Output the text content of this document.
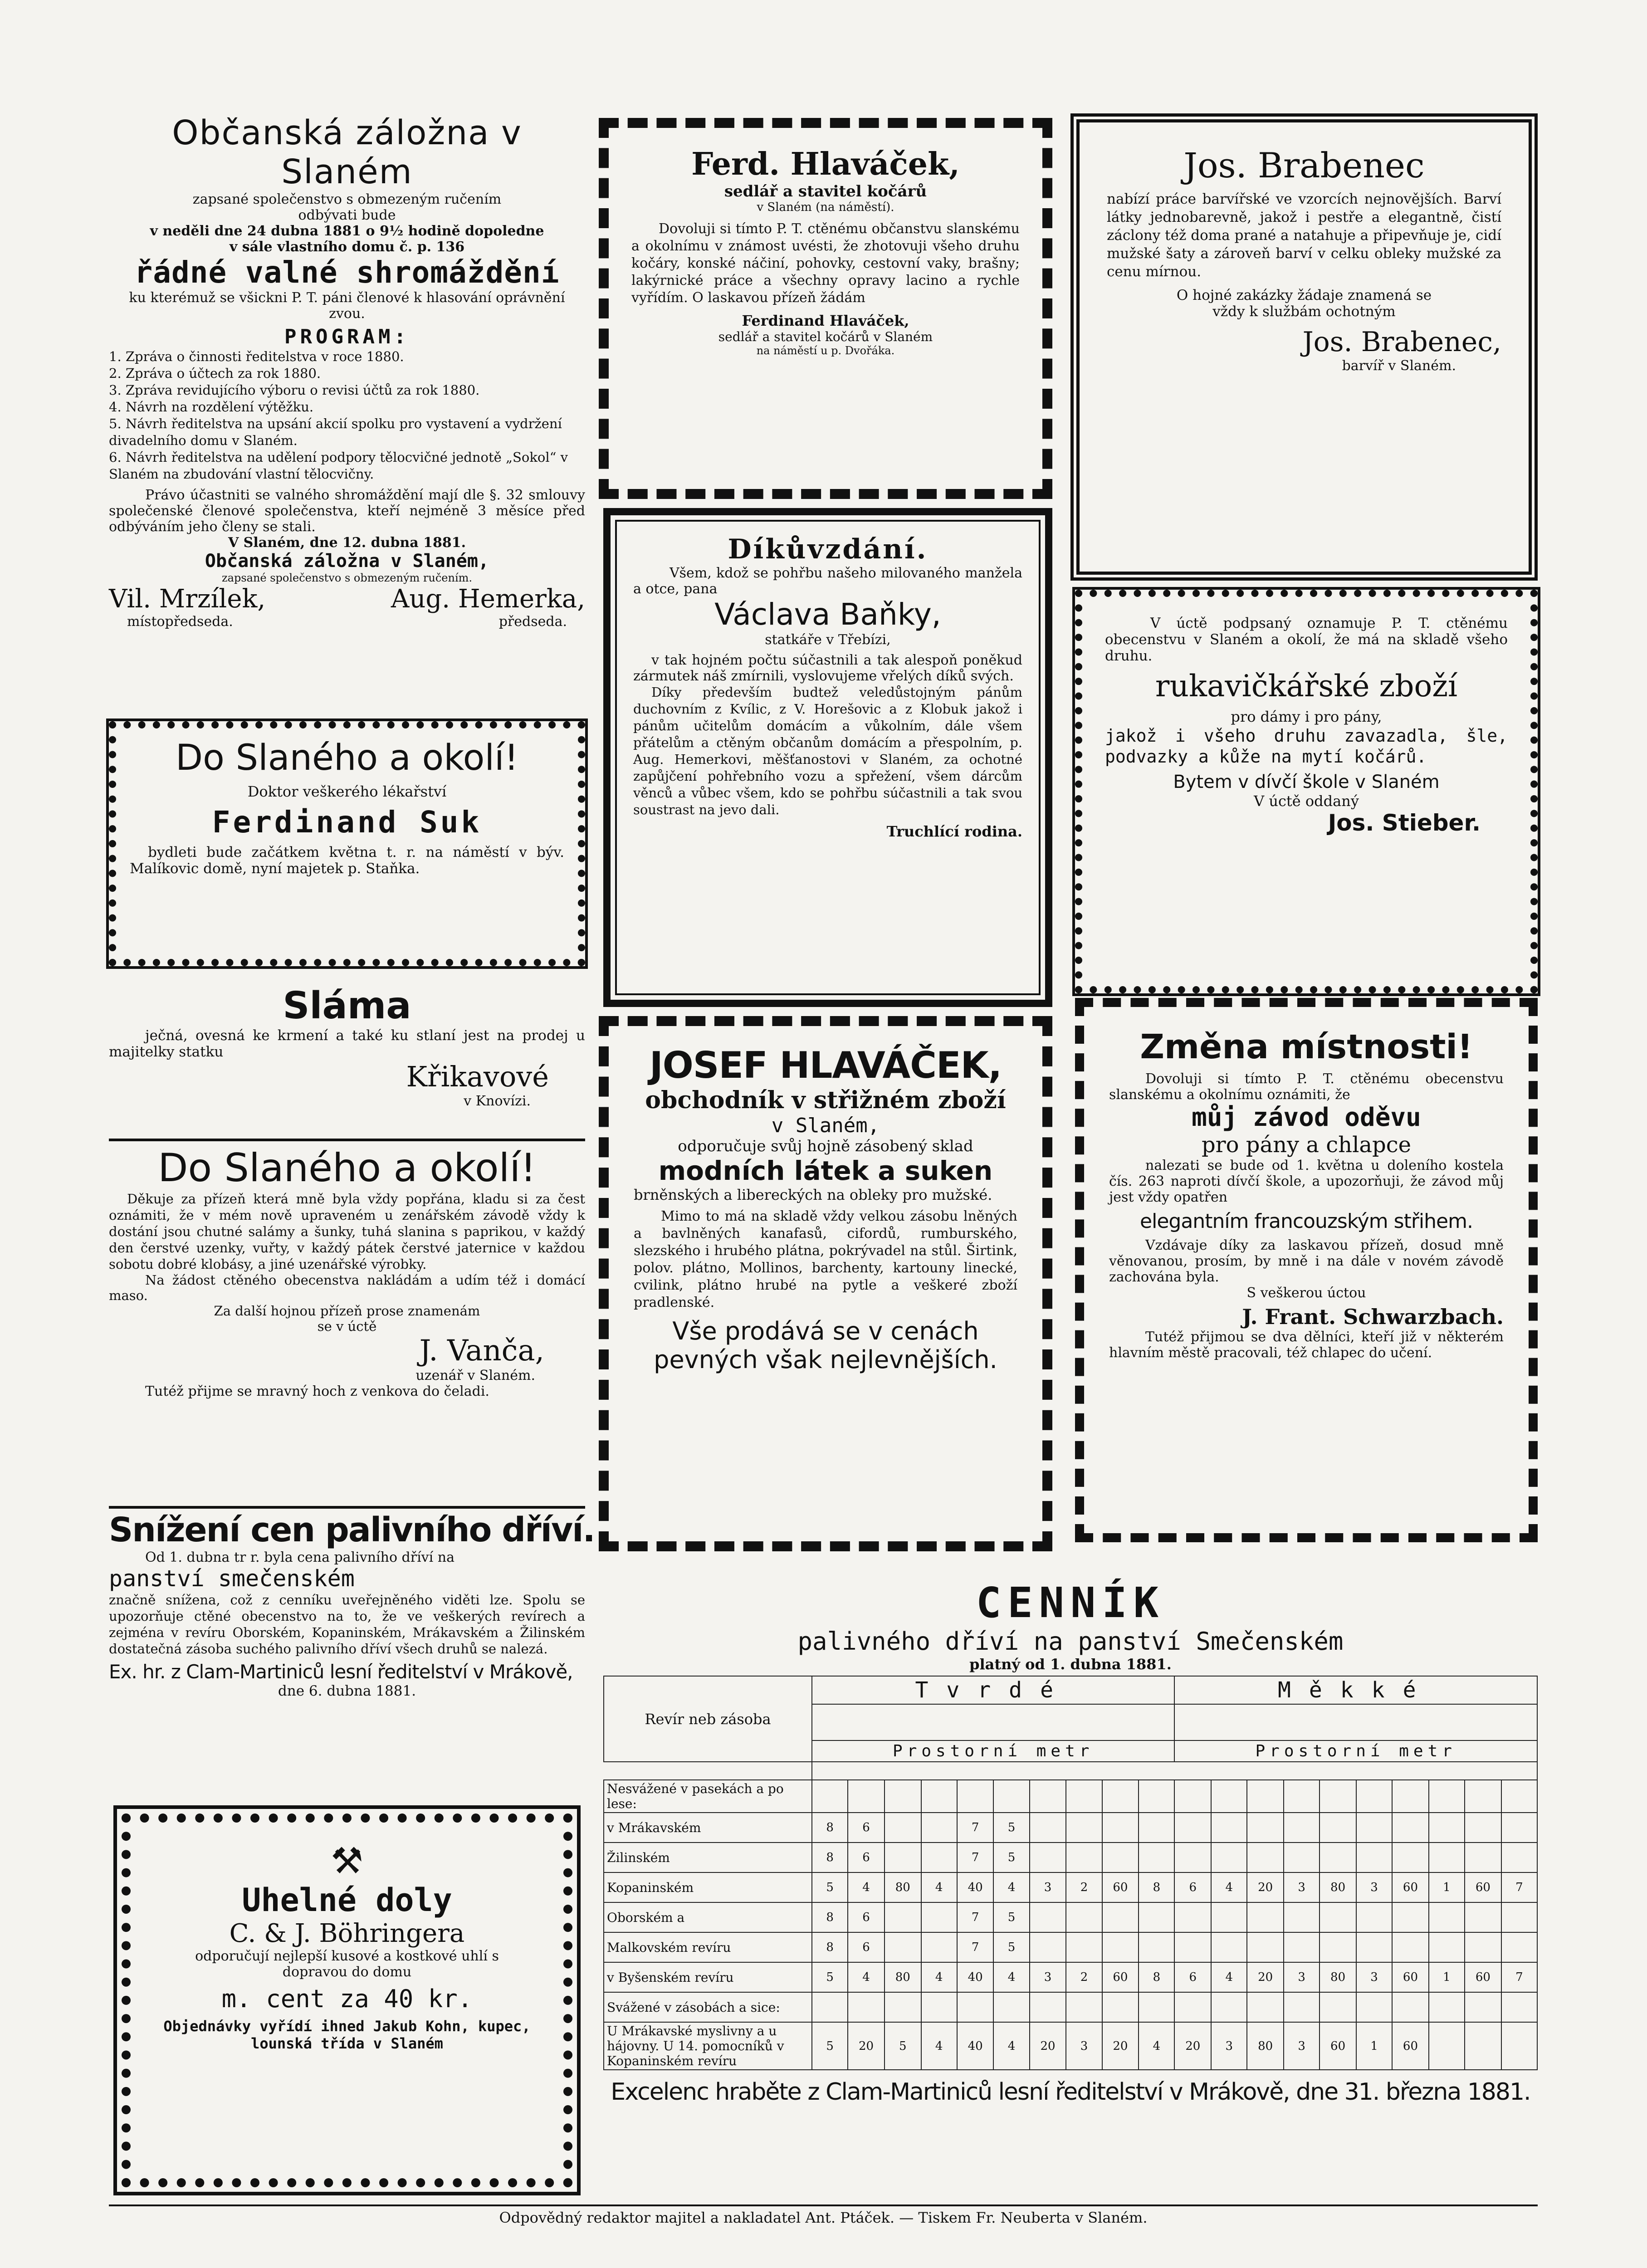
Občanská záložna v Slaném

zapsané společenstvo s obmezeným ručením

odbývati bude

v neděli dne 24 dubna 1881 o 9½ hodině dopoledne

v sále vlastního domu č. p. 136

řádné valné shromáždění

ku kterémuž se všickni P. T. páni členové k hlasování oprávnění zvou.

PROGRAM:

1. Zpráva o činnosti ředitelstva v roce 1880.

2. Zpráva o účtech za rok 1880.

3. Zpráva revidujícího výboru o revisi účtů za rok 1880.

4. Návrh na rozdělení výtěžku.

5. Návrh ředitelstva na upsání akcií spolku pro vystavení a vydržení divadelního domu v Slaném.

6. Návrh ředitelstva na udělení podpory tělocvičné jednotě „Sokol“ v Slaném na zbudování vlastní tělocvičny.

Právo účastniti se valného shromáždění mají dle §. 32 smlouvy společenské členové společenstva, kteří nejméně 3 měsíce před odbýváním jeho členy se stali.

V Slaném, dne 12. dubna 1881.

Občanská záložna v Slaném,

zapsané společenstvo s obmezeným ručením.

Vil. Mrzílek,	Aug. Hemerka,
místopředseda.	předseda.

Do Slaného a okolí!

Doktor veškerého lékařství

Ferdinand Suk

bydleti bude začátkem května t. r. na náměstí v býv. Malíkovic domě, nyní majetek p. Staňka.

Sláma

ječná, ovesná ke krmení a také ku stlaní jest na prodej u majitelky statku

Křikavové

v Knovízi.

Do Slaného a okolí!

Děkuje za přízeň která mně byla vždy popřána, kladu si za čest oznámiti, že v mém nově upraveném u zenářském závodě vždy k dostání jsou chutné salámy a šunky, tuhá slanina s paprikou, v každý den čerstvé uzenky, vuřty, v každý pátek čerstvé jaternice v každou sobotu dobré klobásy, a jiné uzenářské výrobky.

Na žádost ctěného obecenstva nakládám a udím též i domácí maso.

Za další hojnou přízeň prose znamenám se v úctě

J. Vanča,

uzenář v Slaném.

Tutéž přijme se mravný hoch z venkova do čeladi.

Snížení cen palivního dříví.

Od 1. dubna tr r. byla cena palivního dříví na

panství smečenském

značně snížena, což z cenníku uveřejněného viděti lze. Spolu se upozorňuje ctěné obecenstvo na to, že ve veškerých revírech a zejména v revíru Oborském, Kopaninském, Mrákavském a Žilinském dostatečná zásoba suchého palivního dříví všech druhů se nalezá.

Ex. hr. z Clam-Martiniců lesní ředitelství v Mrákově,

dne 6. dubna 1881.

⚒

Uhelné doly

C. & J. Böhringera

odporučují nejlepší kusové a kostkové uhlí s dopravou do domu

m. cent za 40 kr.

Objednávky vyřídí ihned Jakub Kohn, kupec, lounská třída v Slaném

Ferd. Hlaváček,

sedlář a stavitel kočárů

v Slaném (na náměstí).

Dovoluji si tímto P. T. ctěnému občanstvu slanskému a okolnímu v známost uvésti, že zhotovuji všeho druhu kočáry, konské náčiní, pohovky, cestovní vaky, brašny; lakýrnické práce a všechny opravy lacino a rychle vyřídím. O laskavou přízeň žádám

Ferdinand Hlaváček,

sedlář a stavitel kočárů v Slaném

na náměstí u p. Dvořáka.

Díkůvzdání.

Všem, kdož se pohřbu našeho milovaného manžela a otce, pana

Václava Baňky,

statkáře v Třebízi,

v tak hojném počtu súčastnili a tak alespoň poněkud zármutek náš zmírnili, vyslovujeme vřelých díků svých.

Díky především budtež veledůstojným pánům duchovním z Kvílic, z V. Horešovic a z Klobuk jakož i pánům učitelům domácím a vůkolním, dále všem přátelům a ctěným občanům domácím a přespolním, p. Aug. Hemerkovi, měšťanostovi v Slaném, za ochotné zapůjčení pohřebního vozu a spřežení, všem dárcům věnců a vůbec všem, kdo se pohřbu súčastnili a tak svou soustrast na jevo dali.

Truchlící rodina.

JOSEF HLAVÁČEK,

obchodník v střižném zboží

v Slaném,

odporučuje svůj hojně zásobený sklad

modních látek a suken

brněnských a libereckých na obleky pro mužské.

Mimo to má na skladě vždy velkou zásobu lněných a bavlněných kanafasů, cifordů, rumburského, slezského i hrubého plátna, pokrývadel na stůl. Širtink, polov. plátno, Mollinos, barchenty, kartouny linecké, cvilink, plátno hrubé na pytle a veškeré zboží pradlenské.

Vše prodává se v cenách pevných však nejlevnějších.

Jos. Brabenec

nabízí práce barvířské ve vzorcích nejnovějších. Barví látky jednobarevně, jakož i pestře a elegantně, čistí záclony též doma prané a natahuje a připevňuje je, cidí mužské šaty a zároveň barví v celku obleky mužské za cenu mírnou.

O hojné zakázky žádaje znamená se vždy k službám ochotným

Jos. Brabenec,

barvíř v Slaném.

V úctě podpsaný oznamuje P. T. ctěnému obecenstvu v Slaném a okolí, že má na skladě všeho druhu.

rukavičkářské zboží

pro dámy i pro pány,

jakož i všeho druhu zavazadla, šle, podvazky a kůže na mytí kočárů.

Bytem v dívčí škole v Slaném

V úctě oddaný

Jos. Stieber.

Změna místnosti!

Dovoluji si tímto P. T. ctěnému obecenstvu slanskému a okolnímu oznámiti, že

můj závod oděvu

pro pány a chlapce

nalezati se bude od 1. května u doleního kostela čís. 263 naproti dívčí škole, a upozorňuji, že závod můj jest vždy opatřen

elegantním francouzským střihem.

Vzdávaje díky za laskavou přízeň, dosud mně věnovanou, prosím, by mně i na dále v novém závodě zachována byla.

S veškerou úctou

J. Frant. Schwarzbach.

Tutéž přijmou se dva dělníci, kteří již v některém hlavním městě pracovali, též chlapec do učení.

CENNÍK

palivného dříví na panství Smečenském

platný od 1. dubna 1881.

Revír neb zásoba	Tvrdé										Měkké									

	Prostorní metr										Prostorní metr									

Nesvážené v pasekách a po lese:																				
v Mrákavském	8	6			7	5														
Žilinském	8	6			7	5														
Kopaninském	5	4	80	4	40	4	3	2	60	8	6	4	20	3	80	3	60	1	60	7
Oborském a	8	6			7	5														
Malkovském revíru	8	6			7	5														
v Byšenském revíru	5	4	80	4	40	4	3	2	60	8	6	4	20	3	80	3	60	1	60	7
Svážené v zásobách a sice:																				
U Mrákavské myslivny a u hájovny. U 14. pomocníků v Kopaninském revíru	5	20	5	4	40	4	20	3	20	4	20	3	80	3	60	1	60			

Excelenc hraběte z Clam-Martiniců lesní ředitelství v Mrákově, dne 31. března 1881.

Odpovědný redaktor majitel a nakladatel Ant. Ptáček. — Tiskem Fr. Neuberta v Slaném.
